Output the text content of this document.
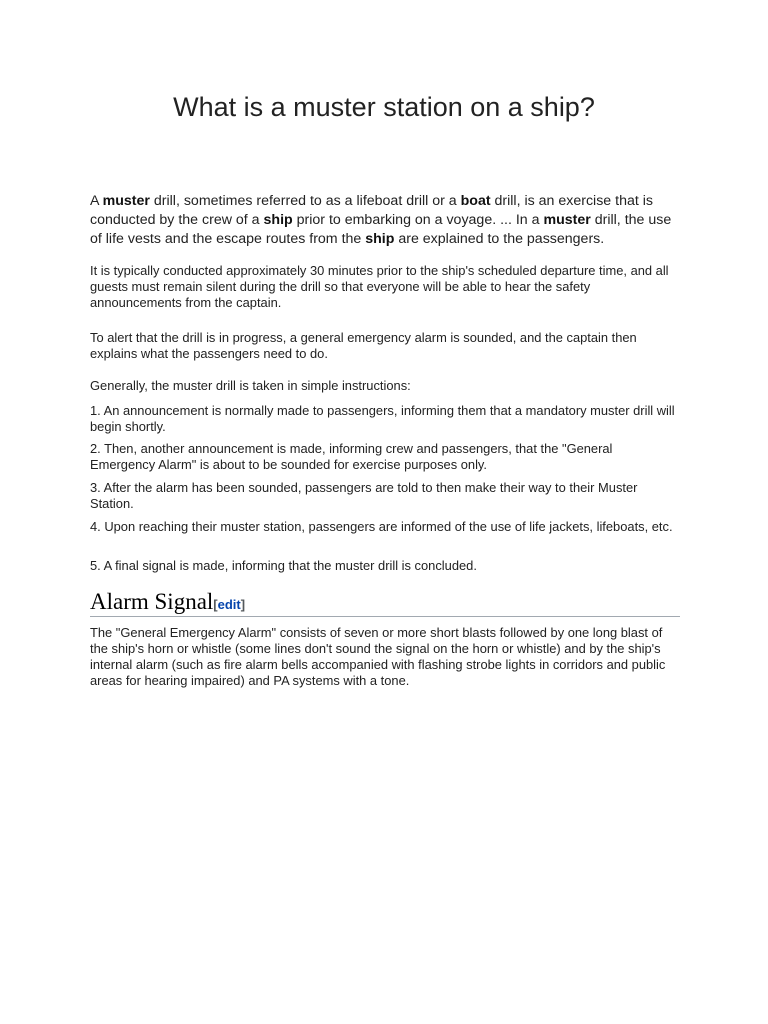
What is a muster station on a ship?

A muster drill, sometimes referred to as a lifeboat drill or a boat drill, is an exercise that is conducted by the crew of a ship prior to embarking on a voyage. ... In a muster drill, the use of life vests and the escape routes from the ship are explained to the passengers.

It is typically conducted approximately 30 minutes prior to the ship's scheduled departure time, and all guests must remain silent during the drill so that everyone will be able to hear the safety announcements from the captain.

To alert that the drill is in progress, a general emergency alarm is sounded, and the captain then explains what the passengers need to do.

Generally, the muster drill is taken in simple instructions:

1. An announcement is normally made to passengers, informing them that a mandatory muster drill will begin shortly.

2. Then, another announcement is made, informing crew and passengers, that the "General Emergency Alarm" is about to be sounded for exercise purposes only.

3. After the alarm has been sounded, passengers are told to then make their way to their Muster Station.

4. Upon reaching their muster station, passengers are informed of the use of life jackets, lifeboats, etc.

5. A final signal is made, informing that the muster drill is concluded.

Alarm Signal[edit]

The "General Emergency Alarm" consists of seven or more short blasts followed by one long blast of the ship's horn or whistle (some lines don't sound the signal on the horn or whistle) and by the ship's internal alarm (such as fire alarm bells accompanied with flashing strobe lights in corridors and public areas for hearing impaired) and PA systems with a tone.
